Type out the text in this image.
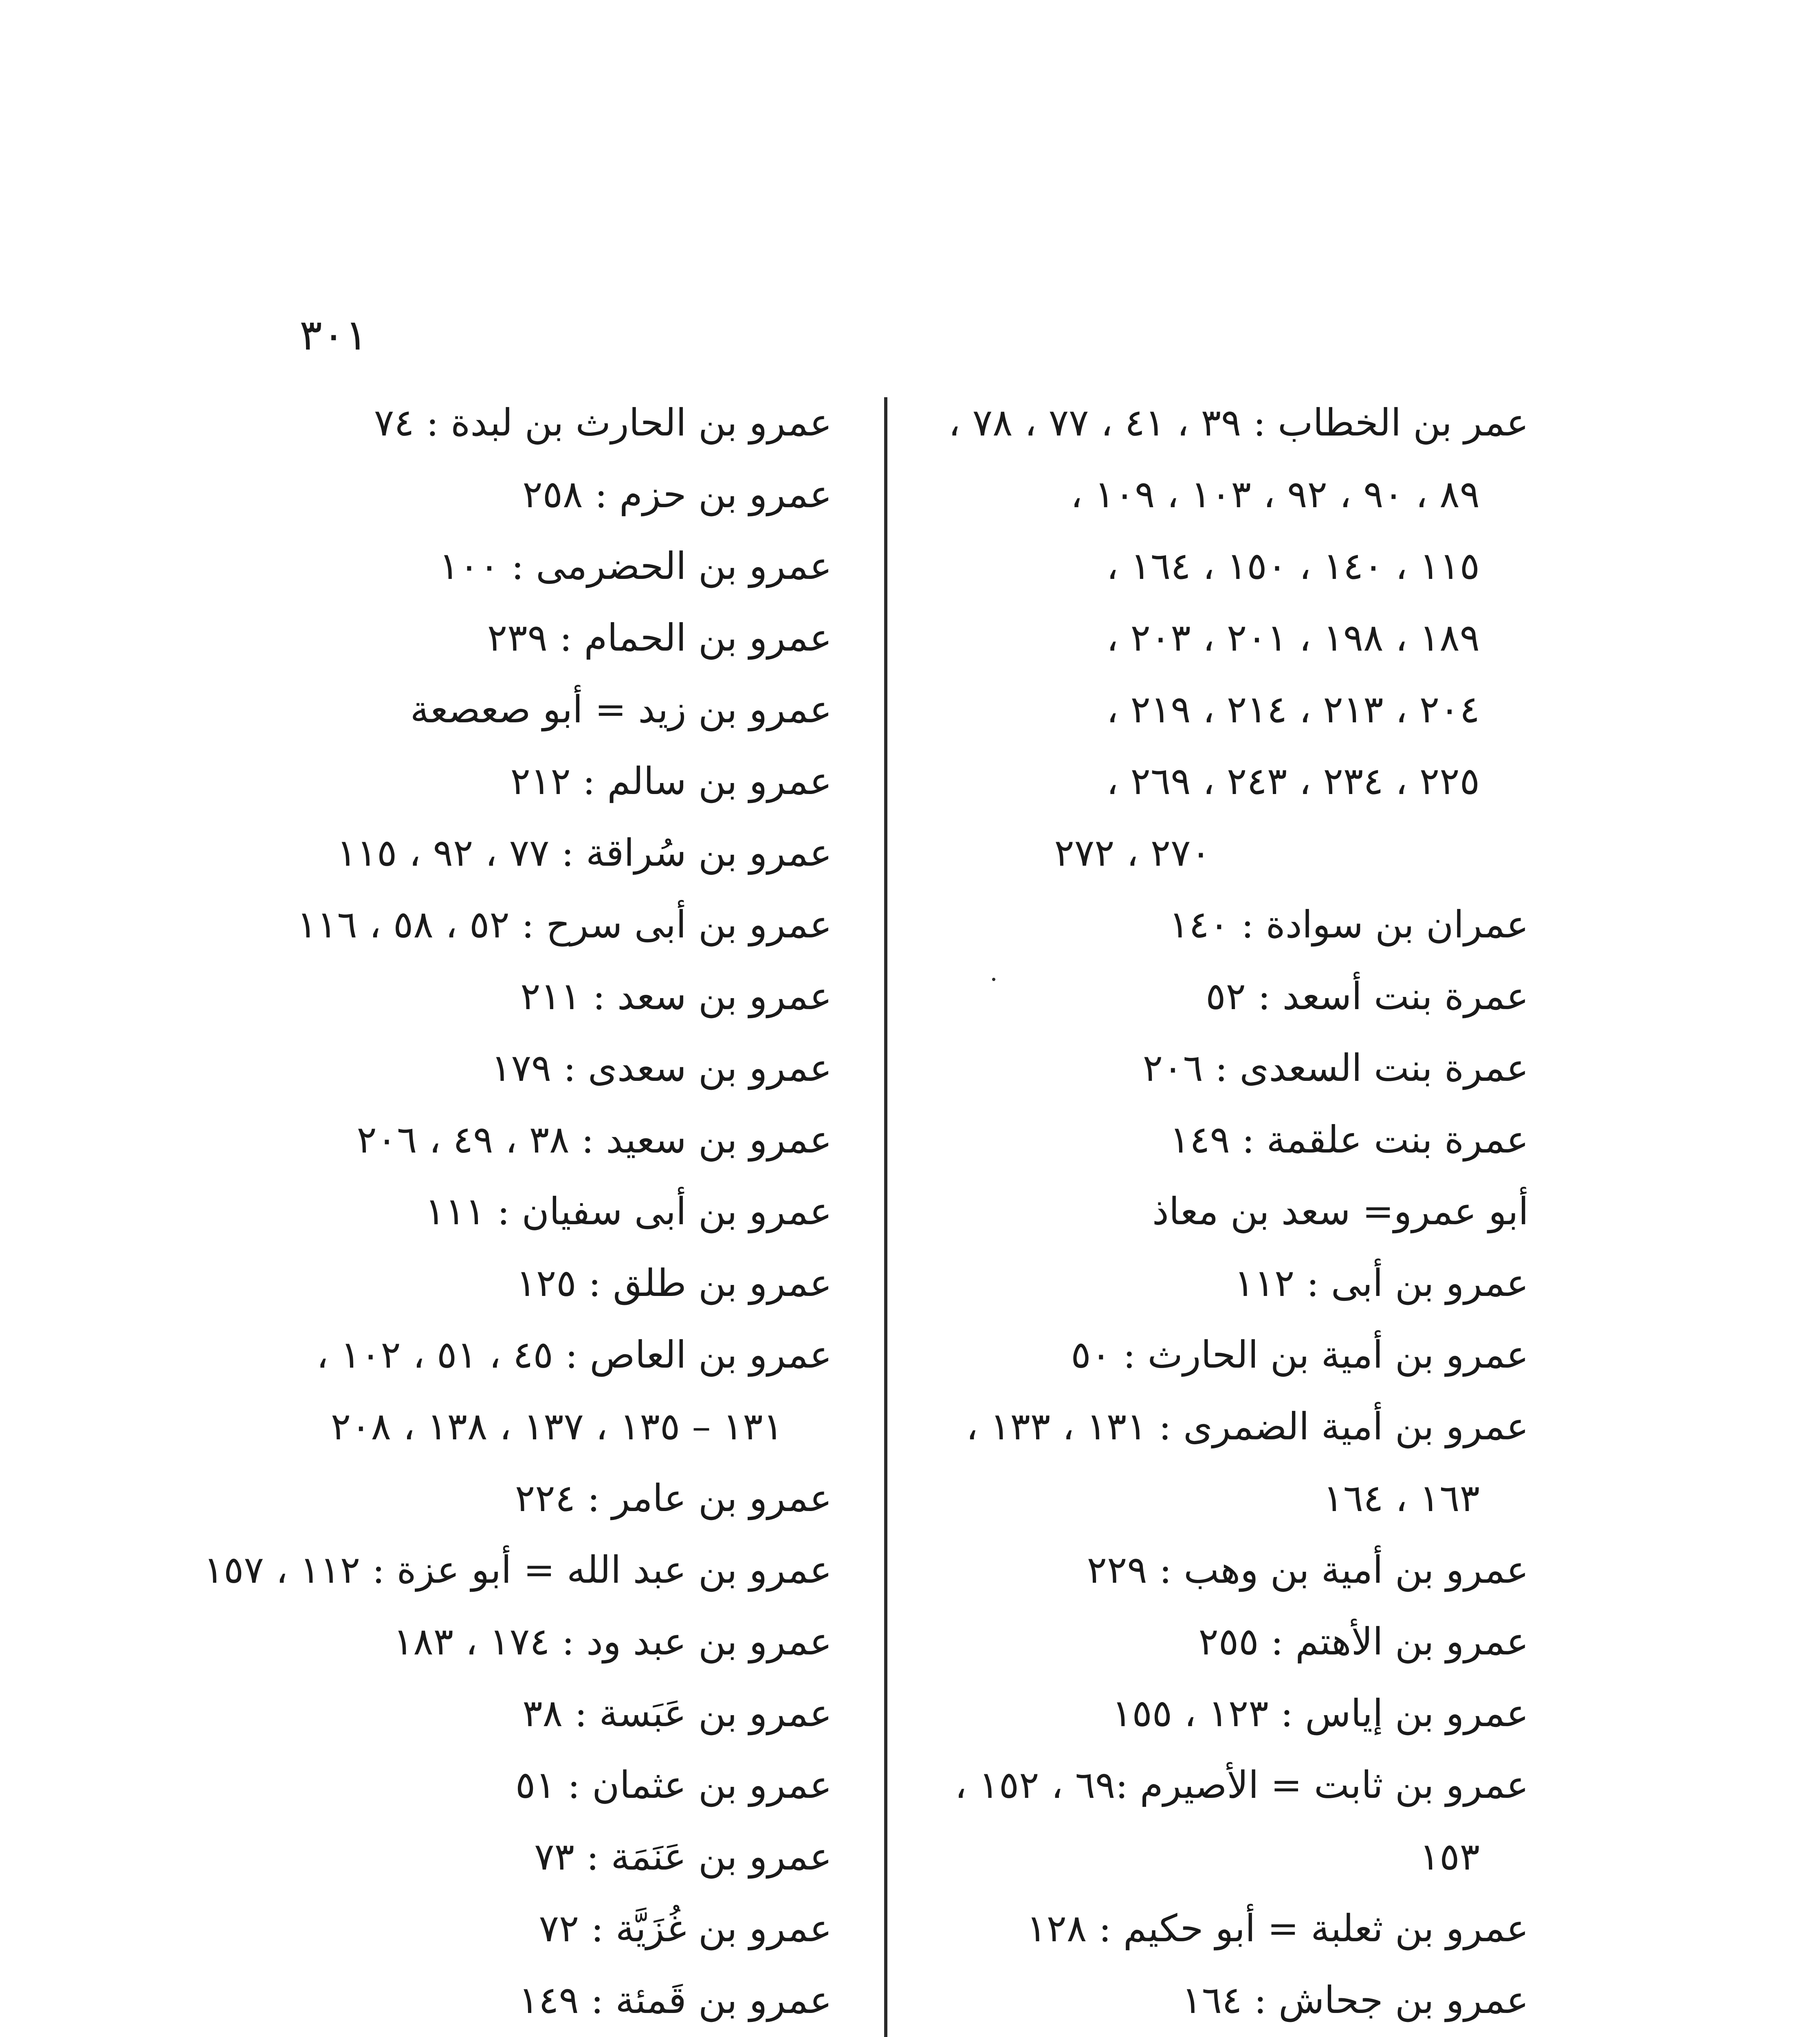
٣٠١
عمر بن الخطاب : ٣٩ ، ٤١ ، ٧٧ ، ٧٨ ،
٨٩ ، ٩٠ ، ٩٢ ، ١٠٣ ، ١٠٩ ،
١١٥ ، ١٤٠ ، ١٥٠ ، ١٦٤ ،
١٨٩ ، ١٩٨ ، ٢٠١ ، ٢٠٣ ،
٢٠٤ ، ٢١٣ ، ٢١٤ ، ٢١٩ ،
٢٢٥ ، ٢٣٤ ، ٢٤٣ ، ٢٦٩ ،
٢٧٠ ، ٢٧٢
عمران بن سوادة : ١٤٠
عمرة بنت أسعد : ٥٢
عمرة بنت السعدى : ٢٠٦
عمرة بنت علقمة : ١٤٩
أبو عمرو= سعد بن معاذ
عمرو بن أبى : ١١٢
عمرو بن أمية بن الحارث : ٥٠
عمرو بن أمية الضمرى : ١٣١ ، ١٣٣ ،
١٦٣ ، ١٦٤
عمرو بن أمية بن وهب : ٢٢٩
عمرو بن الأهتم : ٢٥٥
عمرو بن إياس : ١٢٣ ، ١٥٥
عمرو بن ثابت = الأصيرم :٦٩ ، ١٥٢ ،
١٥٣
عمرو بن ثعلبة = أبو حكيم : ١٢٨
عمرو بن جحاش : ١٦٤
عمرو بن الحارث بن لبدة : ٧٤
عمرو بن حزم : ٢٥٨
عمرو بن الحضرمى : ١٠٠
عمرو بن الحمام : ٢٣٩
عمرو بن زيد = أبو صعصعة
عمرو بن سالم : ٢١٢
عمرو بن سُراقة : ٧٧ ، ٩٢ ، ١١٥
عمرو بن أبى سرح : ٥٢ ، ٥٨ ، ١١٦
عمرو بن سعد : ٢١١
عمرو بن سعدى : ١٧٩
عمرو بن سعيد : ٣٨ ، ٤٩ ، ٢٠٦
عمرو بن أبى سفيان : ١١١
عمرو بن طلق : ١٢٥
عمرو بن العاص : ٤٥ ، ٥١ ، ١٠٢ ،
١٣١ – ١٣٥ ، ١٣٧ ، ١٣٨ ، ٢٠٨
عمرو بن عامر : ٢٢٤
عمرو بن عبد الله = أبو عزة : ١١٢ ، ١٥٧
عمرو بن عبد ود : ١٧٤ ، ١٨٣
عمرو بن عَبَسة : ٣٨
عمرو بن عثمان : ٥١
عمرو بن عَنَمَة : ٧٣
عمرو بن غُزَيَّة : ٧٢
عمرو بن قَمئة : ١٤٩
